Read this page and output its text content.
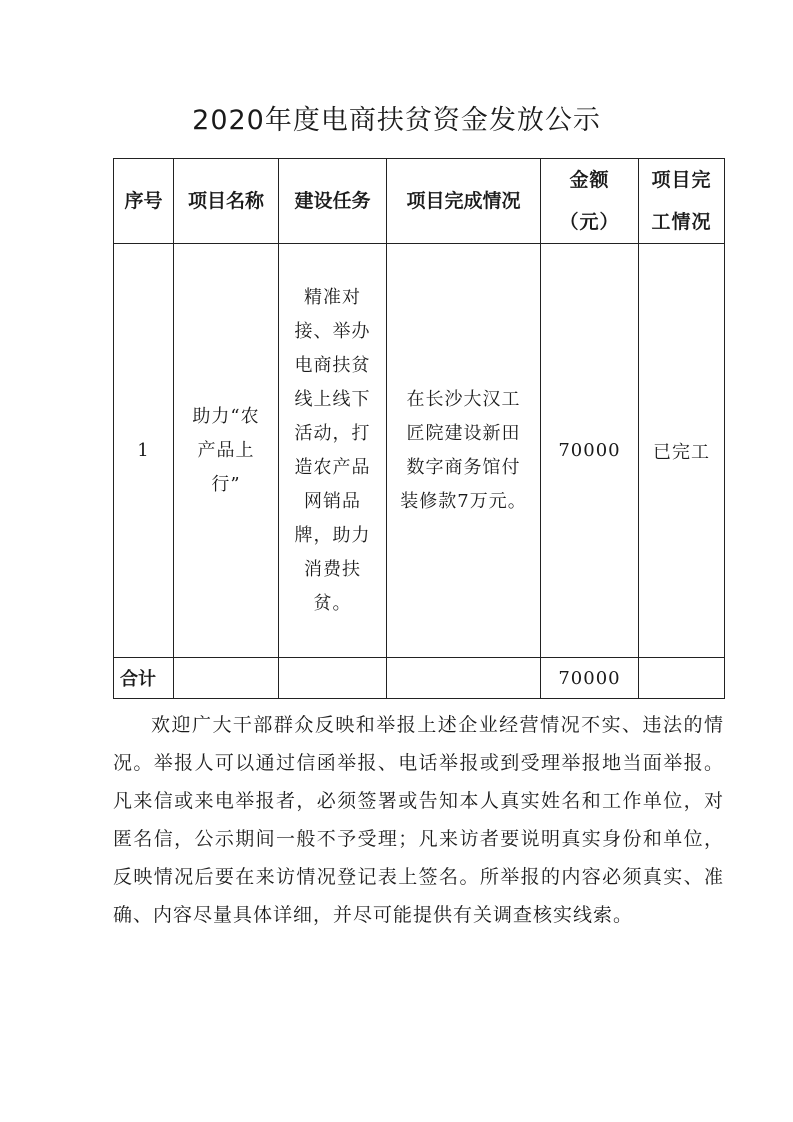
2020年度电商扶贫资金发放公示
序号	项目名称	建设任务	项目完成情况	金额（元）	项目完工情况

1	助力“农产品上行”	精准对接、举办电商扶贫线上线下活动，打造农产品网销品牌，助力消费扶贫。	在长沙大汉工匠院建设新田数字商务馆付装修款7万元。	70000	已完工
合计				70000	

欢迎广大干部群众反映和举报上述企业经营情况不实、违法的情况。举报人可以通过信函举报、电话举报或到受理举报地当面举报。凡来信或来电举报者，必须签署或告知本人真实姓名和工作单位，对匿名信，公示期间一般不予受理；凡来访者要说明真实身份和单位，反映情况后要在来访情况登记表上签名。所举报的内容必须真实、准确、内容尽量具体详细，并尽可能提供有关调查核实线索。
